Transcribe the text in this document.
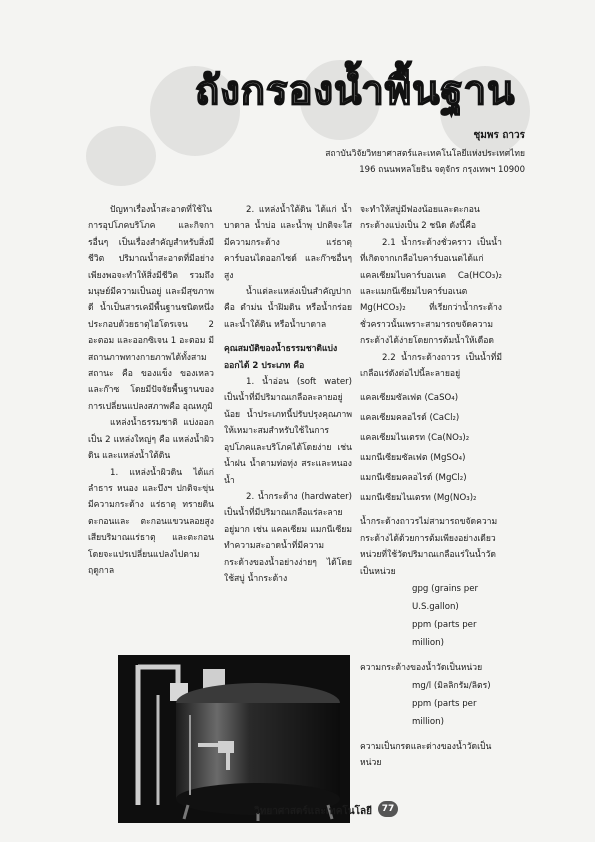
ถังกรองน้ำพื้นฐาน
ชุมพร ถาวร
สถาบันวิจัยวิทยาศาสตร์และเทคโนโลยีแห่งประเทศไทย
196 ถนนพหลโยธิน จตุจักร กรุงเทพฯ 10900

ปัญหาเรื่องน้ำสะอาดที่ใช้ในการอุปโภคบริโภค และกิจการอื่นๆ เป็นเรื่องสำคัญสำหรับสิ่งมีชีวิต ปริมาณน้ำสะอาดที่มีอย่างเพียงพอจะทำให้สิ่งมีชีวิต รวมถึงมนุษย์มีความเป็นอยู่ และมีสุขภาพดี น้ำเป็นสารเคมีพื้นฐานชนิดหนึ่ง ประกอบด้วยธาตุไฮโดรเจน 2 อะตอม และออกซิเจน 1 อะตอม มีสถานภาพทางกายภาพได้ทั้งสามสถานะ คือ ของแข็ง ของเหลว และก๊าซ โดยมีปัจจัยพื้นฐานของการเปลี่ยนแปลงสภาพคือ อุณหภูมิ

แหล่งน้ำธรรมชาติ แบ่งออกเป็น 2 แหล่งใหญ่ๆ คือ แหล่งน้ำผิวดิน และแหล่งน้ำใต้ดิน

1. แหล่งน้ำผิวดิน ได้แก่ ลำธาร หนอง และบึงฯ ปกติจะขุ่น มีความกระด้าง แร่ธาตุ ทรายดินตะกอนและ ตะกอนแขวนลอยสูง เสียบริมาณแร่ธาตุ และตะกอนโดยจะแปรเปลี่ยนแปลงไปตามฤดูกาล

2. แหล่งน้ำใต้ดิน ได้แก่ น้ำบาดาล น้ำบ่อ และน้ำพุ ปกติจะใสมีความกระด้าง แร่ธาตุ คาร์บอนไดออกไซด์ และก๊าซอื่นๆ สูง

น้ำแต่ละแหล่งเป็นสำคัญปากคือ ตำม่น น้ำฝิมดิน หรือน้ำกร่อย และน้ำใต้ดิน หรือน้ำบาดาล

คุณสมบัติของน้ำธรรมชาติแบ่งออกได้ 2 ประเภท คือ

1. น้ำอ่อน (soft water) เป็นน้ำที่มีปริมาณเกลือละลายอยู่น้อย น้ำประเภทนี้ปรับปรุงคุณภาพให้เหมาะสมสำหรับใช้ในการอุปโภคและบริโภคได้โดยง่าย เช่น น้ำฝน น้ำตามท่อทุ่ง สระและหนองน้ำ

2. น้ำกระด้าง (hardwater) เป็นน้ำที่มีปริมาณเกลือแร่ละลายอยู่มาก เช่น แคลเซียม แมกนีเซียม ทำความสะอาดน้ำที่มีความกระด้างของน้ำอย่างง่ายๆ ได้โดยใช้สบู่ น้ำกระด้าง

จะทำให้สบู่มีฟองน้อยและตะกอนกระด้างแบ่งเป็น 2 ชนิด ดังนี้คือ

2.1 น้ำกระด้างชั่วคราว เป็นน้ำที่เกิดจากเกลือไบคาร์บอเนตได้แก่ แคลเซียมไบคาร์บอเนต Ca(HCO₃)₂ และแมกนีเซียมไบคาร์บอเนต Mg(HCO₃)₂ ที่เรียกว่าน้ำกระด้างชั่วคราวนั้นเพราะสามารถขจัดความกระด้างได้ง่ายโดยการต้มน้ำให้เดือด

2.2 น้ำกระด้างถาวร เป็นน้ำที่มีเกลือแร่ดังต่อไปนี้ละลายอยู่

แคลเซียมซัลเฟต (CaSO₄)
แคลเซียมคลอไรด์ (CaCl₂)
แคลเซียมไนเตรท (Ca(NO₃)₂
แมกนีเซียมซัลเฟต (MgSO₄)
แมกนีเซียมคลอไรด์ (MgCl₂)
แมกนีเซียมไนเตรท (Mg(NO₃)₂

น้ำกระด้างถาวรไม่สามารถขจัดความกระด้างได้ด้วยการต้มเพียงอย่างเดียว หน่วยที่ใช้วัดปริมาณเกลือแร่ในน้ำวัดเป็นหน่วย

gpg (grains per U.S.gallon)
ppm (parts per million)

ความกระด้างของน้ำวัดเป็นหน่วย

mg/l (มิลลิกรัม/ลิตร)
ppm (parts per million)

ความเป็นกรดและด่างของน้ำวัดเป็นหน่วย

วิทยาศาสตร์และเทคโนโลยี	77
